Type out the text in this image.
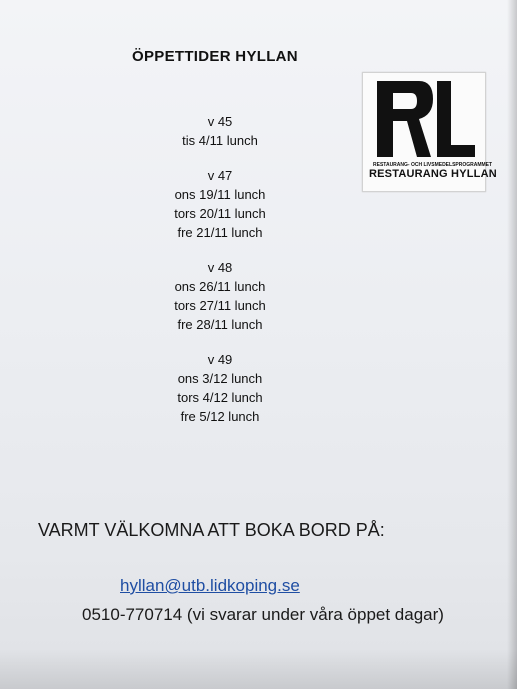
ÖPPETTIDER HYLLAN
v 45
tis 4/11 lunch
v 47
ons 19/11 lunch
tors 20/11 lunch
fre 21/11 lunch
v 48
ons 26/11 lunch
tors 27/11 lunch
fre 28/11 lunch
v 49
ons 3/12 lunch
tors 4/12 lunch
fre 5/12 lunch
RESTAURANG- OCH LIVSMEDELSPROGRAMMET
RESTAURANG HYLLAN
VARMT VÄLKOMNA ATT BOKA BORD PÅ:
hyllan@utb.lidkoping.se
0510-770714 (vi svarar under våra öppet dagar)
